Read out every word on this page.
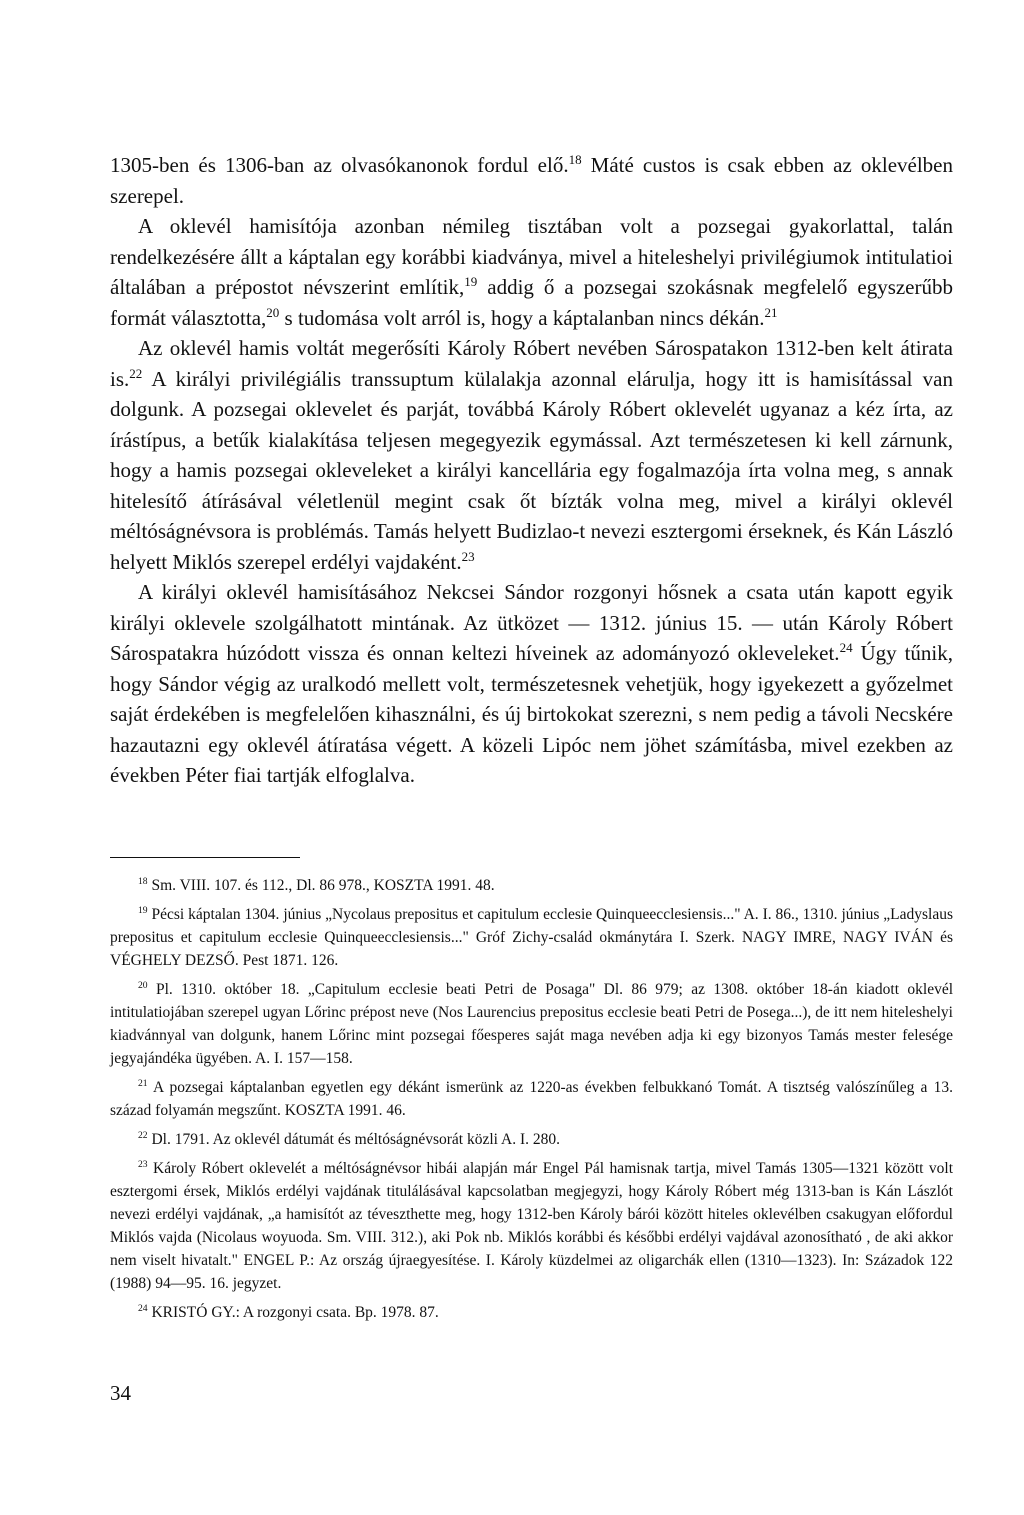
1305-ben és 1306-ban az olvasókanonok fordul elő.$^{18}$ Máté custos is csak ebben az oklevélben szerepel.

A oklevél hamisítója azonban némileg tisztában volt a pozsegai gyakorlattal, talán rendelkezésére állt a káptalan egy korábbi kiadványa, mivel a hiteleshelyi privilégiumok intitulatioi általában a prépostot névszerint említik,$^{19}$ addig ő a pozsegai szokásnak megfelelő egyszerűbb formát választotta,$^{20}$ s tudomása volt arról is, hogy a káptalanban nincs dékán.$^{21}$

Az oklevél hamis voltát megerősíti Károly Róbert nevében Sárospatakon 1312-ben kelt átirata is.$^{22}$ A királyi privilégiális transsuptum külalakja azonnal elárulja, hogy itt is hamisítással van dolgunk. A pozsegai oklevelet és parját, továbbá Károly Róbert oklevelét ugyanaz a kéz írta, az írástípus, a betűk kialakítása teljesen megegyezik egymással. Azt természetesen ki kell zárnunk, hogy a hamis pozsegai okleveleket a királyi kancellária egy fogalmazója írta volna meg, s annak hitelesítő átírásával véletlenül megint csak őt bízták volna meg, mivel a királyi oklevél méltóságnévsora is problémás. Tamás helyett Budizlao-t nevezi esztergomi érseknek, és Kán László helyett Miklós szerepel erdélyi vajdaként.$^{23}$

A királyi oklevél hamisításához Nekcsei Sándor rozgonyi hősnek a csata után kapott egyik királyi oklevele szolgálhatott mintának. Az ütközet — 1312. június 15. — után Károly Róbert Sárospatakra húzódott vissza és onnan keltezi híveinek az adományozó okleveleket.$^{24}$ Úgy tűnik, hogy Sándor végig az uralkodó mellett volt, természetesnek vehetjük, hogy igyekezett a győzelmet saját érdekében is megfelelően kihasználni, és új birtokokat szerezni, s nem pedig a távoli Necskére hazautazni egy oklevél átíratása végett. A közeli Lipóc nem jöhet számításba, mivel ezekben az években Péter fiai tartják elfoglalva.

$^{18}$ Sm. VIII. 107. és 112., Dl. 86 978., KOSZTA 1991. 48.

$^{19}$ Pécsi káptalan 1304. június „Nycolaus prepositus et capitulum ecclesie Quinqueecclesiensis..." A. I. 86., 1310. június „Ladyslaus prepositus et capitulum ecclesie Quinqueecclesiensis..." Gróf Zichy-család okmánytára I. Szerk. NAGY IMRE, NAGY IVÁN és VÉGHELY DEZSŐ. Pest 1871. 126.

$^{20}$ Pl. 1310. október 18. „Capitulum ecclesie beati Petri de Posaga" Dl. 86 979; az 1308. október 18-án kiadott oklevél intitulatiojában szerepel ugyan Lőrinc prépost neve (Nos Laurencius prepositus ecclesie beati Petri de Posega...), de itt nem hiteleshelyi kiadvánnyal van dolgunk, hanem Lőrinc mint pozsegai főesperes saját maga nevében adja ki egy bizonyos Tamás mester felesége jegyajándéka ügyében. A. I. 157—158.

$^{21}$ A pozsegai káptalanban egyetlen egy dékánt ismerünk az 1220-as években felbukkanó Tomát. A tisztség valószínűleg a 13. század folyamán megszűnt. KOSZTA 1991. 46.

$^{22}$ Dl. 1791. Az oklevél dátumát és méltóságnévsorát közli A. I. 280.

$^{23}$ Károly Róbert oklevelét a méltóságnévsor hibái alapján már Engel Pál hamisnak tartja, mivel Tamás 1305—1321 között volt esztergomi érsek, Miklós erdélyi vajdának titulálásával kapcsolatban megjegyzi, hogy Károly Róbert még 1313-ban is Kán Lászlót nevezi erdélyi vajdának, „a hamisítót az téveszthette meg, hogy 1312-ben Károly bárói között hiteles oklevélben csakugyan előfordul Miklós vajda (Nicolaus woyuoda. Sm. VIII. 312.), aki Pok nb. Miklós korábbi és későbbi erdélyi vajdával azonosítható , de aki akkor nem viselt hivatalt." ENGEL P.: Az ország újraegyesítése. I. Károly küzdelmei az oligarchák ellen (1310—1323). In: Századok 122 (1988) 94—95. 16. jegyzet.

$^{24}$ KRISTÓ GY.: A rozgonyi csata. Bp. 1978. 87.

34
